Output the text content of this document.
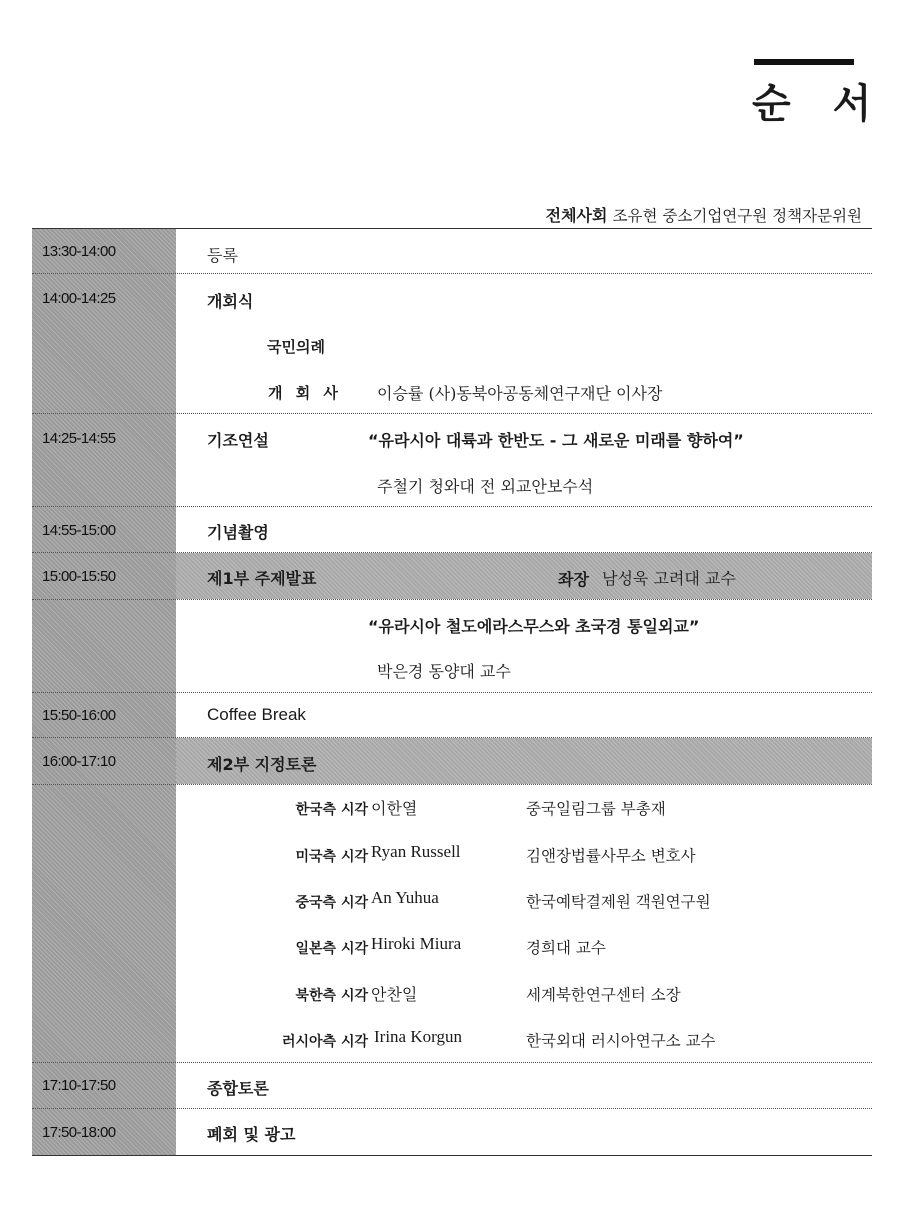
순 서
전체사회 조유현 중소기업연구원 정책자문위원
13:30-14:00	등록
14:00-14:25	개회식
국민의례
개 회 사 이승률 (사)동북아공동체연구재단 이사장
14:25-14:55	기조연설	“유라시아 대륙과 한반도 - 그 새로운 미래를 향하여”
주철기 청와대 전 외교안보수석
14:55-15:00	기념촬영
15:00-15:50	제1부 주제발표	좌장 남성욱 고려대 교수
“유라시아 철도에라스무스와 초국경 통일외교”
박은경 동양대 교수
15:50-16:00	Coffee Break
16:00-17:10	제2부 지정토론
한국측 시각 이한열	중국일림그룹 부총재
미국측 시각 Ryan Russell	김앤장법률사무소 변호사
중국측 시각 An Yuhua	한국예탁결제원 객원연구원
일본측 시각 Hiroki Miura	경희대 교수
북한측 시각 안찬일	세계북한연구센터 소장
러시아측 시각 Irina Korgun	한국외대 러시아연구소 교수
17:10-17:50	종합토론
17:50-18:00	폐회 및 광고
